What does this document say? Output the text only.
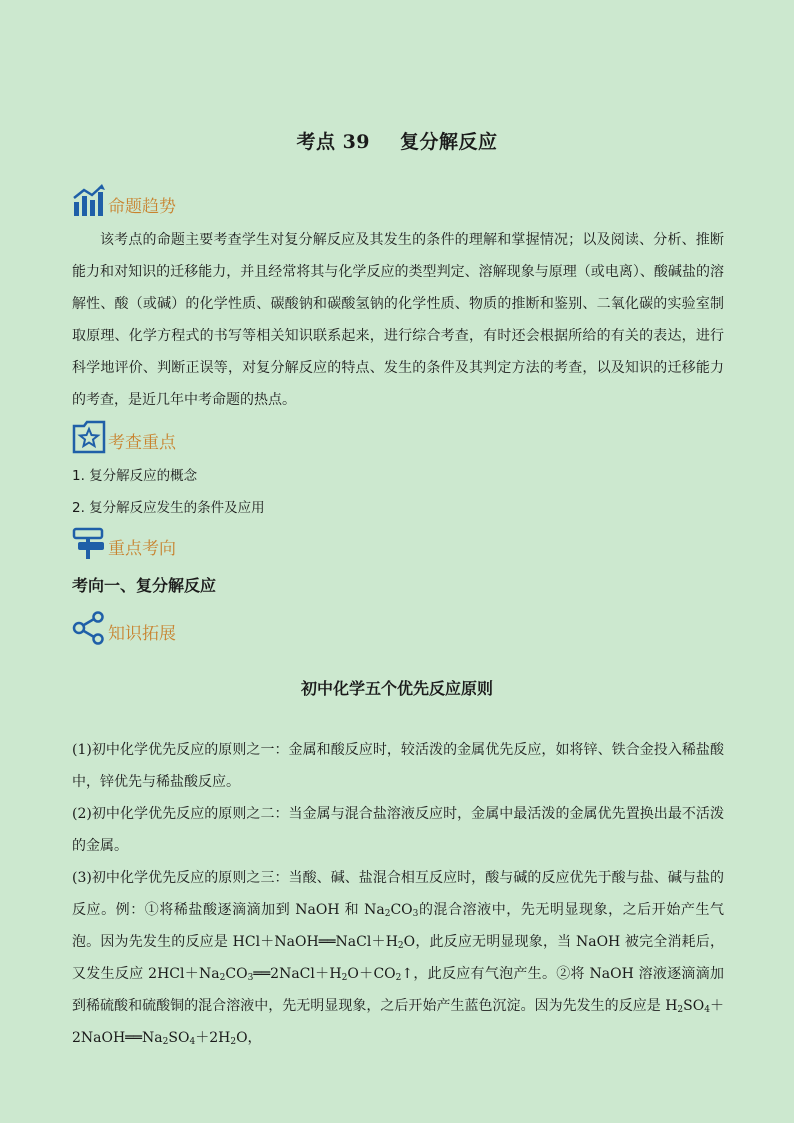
考点 39 复分解反应
命题趋势
该考点的命题主要考查学生对复分解反应及其发生的条件的理解和掌握情况；以及阅读、分析、推断能力和对知识的迁移能力，并且经常将其与化学反应的类型判定、溶解现象与原理（或电离）、酸碱盐的溶解性、酸（或碱）的化学性质、碳酸钠和碳酸氢钠的化学性质、物质的推断和鉴别、二氧化碳的实验室制取原理、化学方程式的书写等相关知识联系起来，进行综合考查，有时还会根据所给的有关的表达，进行科学地评价、判断正误等，对复分解反应的特点、发生的条件及其判定方法的考查，以及知识的迁移能力的考查，是近几年中考命题的热点。
考查重点
1. 复分解反应的概念
2. 复分解反应发生的条件及应用
重点考向
考向一、复分解反应
知识拓展
初中化学五个优先反应原则
(1)初中化学优先反应的原则之一：金属和酸反应时，较活泼的金属优先反应，如将锌、铁合金投入稀盐酸中，锌优先与稀盐酸反应。
(2)初中化学优先反应的原则之二：当金属与混合盐溶液反应时，金属中最活泼的金属优先置换出最不活泼的金属。
(3)初中化学优先反应的原则之三：当酸、碱、盐混合相互反应时，酸与碱的反应优先于酸与盐、碱与盐的反应。例：①将稀盐酸逐滴滴加到 NaOH 和 $Na_2CO_3$的混合溶液中，先无明显现象，之后开始产生气泡。因为先发生的反应是 $HCl+NaOH══NaCl+H_2O$，此反应无明显现象，当 NaOH 被完全消耗后，又发生反应 $2HCl+Na_2CO_3══2NaCl+H_2O+CO_2↑$，此反应有气泡产生。②将 NaOH 溶液逐滴滴加到稀硫酸和硫酸铜的混合溶液中，先无明显现象，之后开始产生蓝色沉淀。因为先发生的反应是 $H_2SO_4+2NaOH══Na_2SO_4+2H_2O$，
